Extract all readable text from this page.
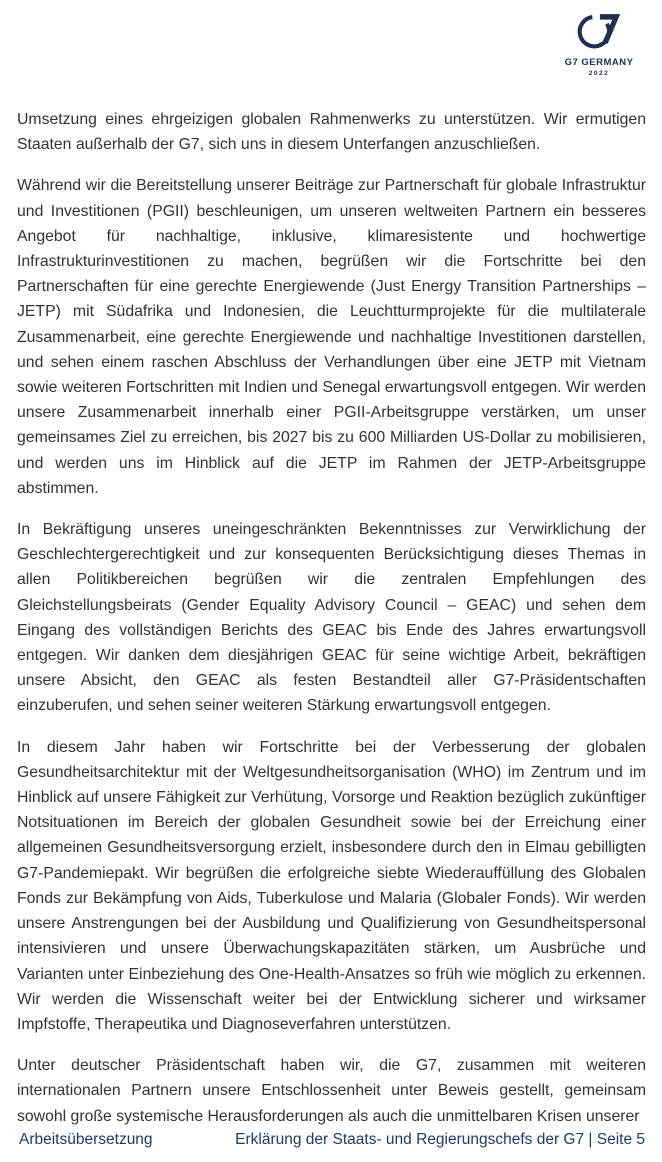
G7 GERMANY
2022

Umsetzung eines ehrgeizigen globalen Rahmenwerks zu unterstützen. Wir ermutigen Staaten außerhalb der G7, sich uns in diesem Unterfangen anzuschließen.

Während wir die Bereitstellung unserer Beiträge zur Partnerschaft für globale Infrastruktur und Investitionen (PGII) beschleunigen, um unseren weltweiten Partnern ein besseres Angebot für nachhaltige, inklusive, klimaresistente und hochwertige Infrastrukturinvestitionen zu machen, begrüßen wir die Fortschritte bei den Partnerschaften für eine gerechte Energiewende (Just Energy Transition Partnerships – JETP) mit Südafrika und Indonesien, die Leuchtturmprojekte für die multilaterale Zusammenarbeit, eine gerechte Energiewende und nachhaltige Investitionen darstellen, und sehen einem raschen Abschluss der Verhandlungen über eine JETP mit Vietnam sowie weiteren Fortschritten mit Indien und Senegal erwartungsvoll entgegen. Wir werden unsere Zusammenarbeit innerhalb einer PGII-Arbeitsgruppe verstärken, um unser gemeinsames Ziel zu erreichen, bis 2027 bis zu 600 Milliarden US-Dollar zu mobilisieren, und werden uns im Hinblick auf die JETP im Rahmen der JETP-Arbeitsgruppe abstimmen.

In Bekräftigung unseres uneingeschränkten Bekenntnisses zur Verwirklichung der Geschlechtergerechtigkeit und zur konsequenten Berücksichtigung dieses Themas in allen Politikbereichen begrüßen wir die zentralen Empfehlungen des Gleichstellungsbeirats (Gender Equality Advisory Council – GEAC) und sehen dem Eingang des vollständigen Berichts des GEAC bis Ende des Jahres erwartungsvoll entgegen. Wir danken dem diesjährigen GEAC für seine wichtige Arbeit, bekräftigen unsere Absicht, den GEAC als festen Bestandteil aller G7-Präsidentschaften einzuberufen, und sehen seiner weiteren Stärkung erwartungsvoll entgegen.

In diesem Jahr haben wir Fortschritte bei der Verbesserung der globalen Gesundheitsarchitektur mit der Weltgesundheitsorganisation (WHO) im Zentrum und im Hinblick auf unsere Fähigkeit zur Verhütung, Vorsorge und Reaktion bezüglich zukünftiger Notsituationen im Bereich der globalen Gesundheit sowie bei der Erreichung einer allgemeinen Gesundheitsversorgung erzielt, insbesondere durch den in Elmau gebilligten G7-Pandemiepakt. Wir begrüßen die erfolgreiche siebte Wiederauffüllung des Globalen Fonds zur Bekämpfung von Aids, Tuberkulose und Malaria (Globaler Fonds). Wir werden unsere Anstrengungen bei der Ausbildung und Qualifizierung von Gesundheitspersonal intensivieren und unsere Überwachungskapazitäten stärken, um Ausbrüche und Varianten unter Einbeziehung des One-Health-Ansatzes so früh wie möglich zu erkennen. Wir werden die Wissenschaft weiter bei der Entwicklung sicherer und wirksamer Impfstoffe, Therapeutika und Diagnoseverfahren unterstützen.

Unter deutscher Präsidentschaft haben wir, die G7, zusammen mit weiteren internationalen Partnern unsere Entschlossenheit unter Beweis gestellt, gemeinsam sowohl große systemische Herausforderungen als auch die unmittelbaren Krisen unserer

Arbeitsübersetzung	Erklärung der Staats- und Regierungschefs der G7 | Seite 5
